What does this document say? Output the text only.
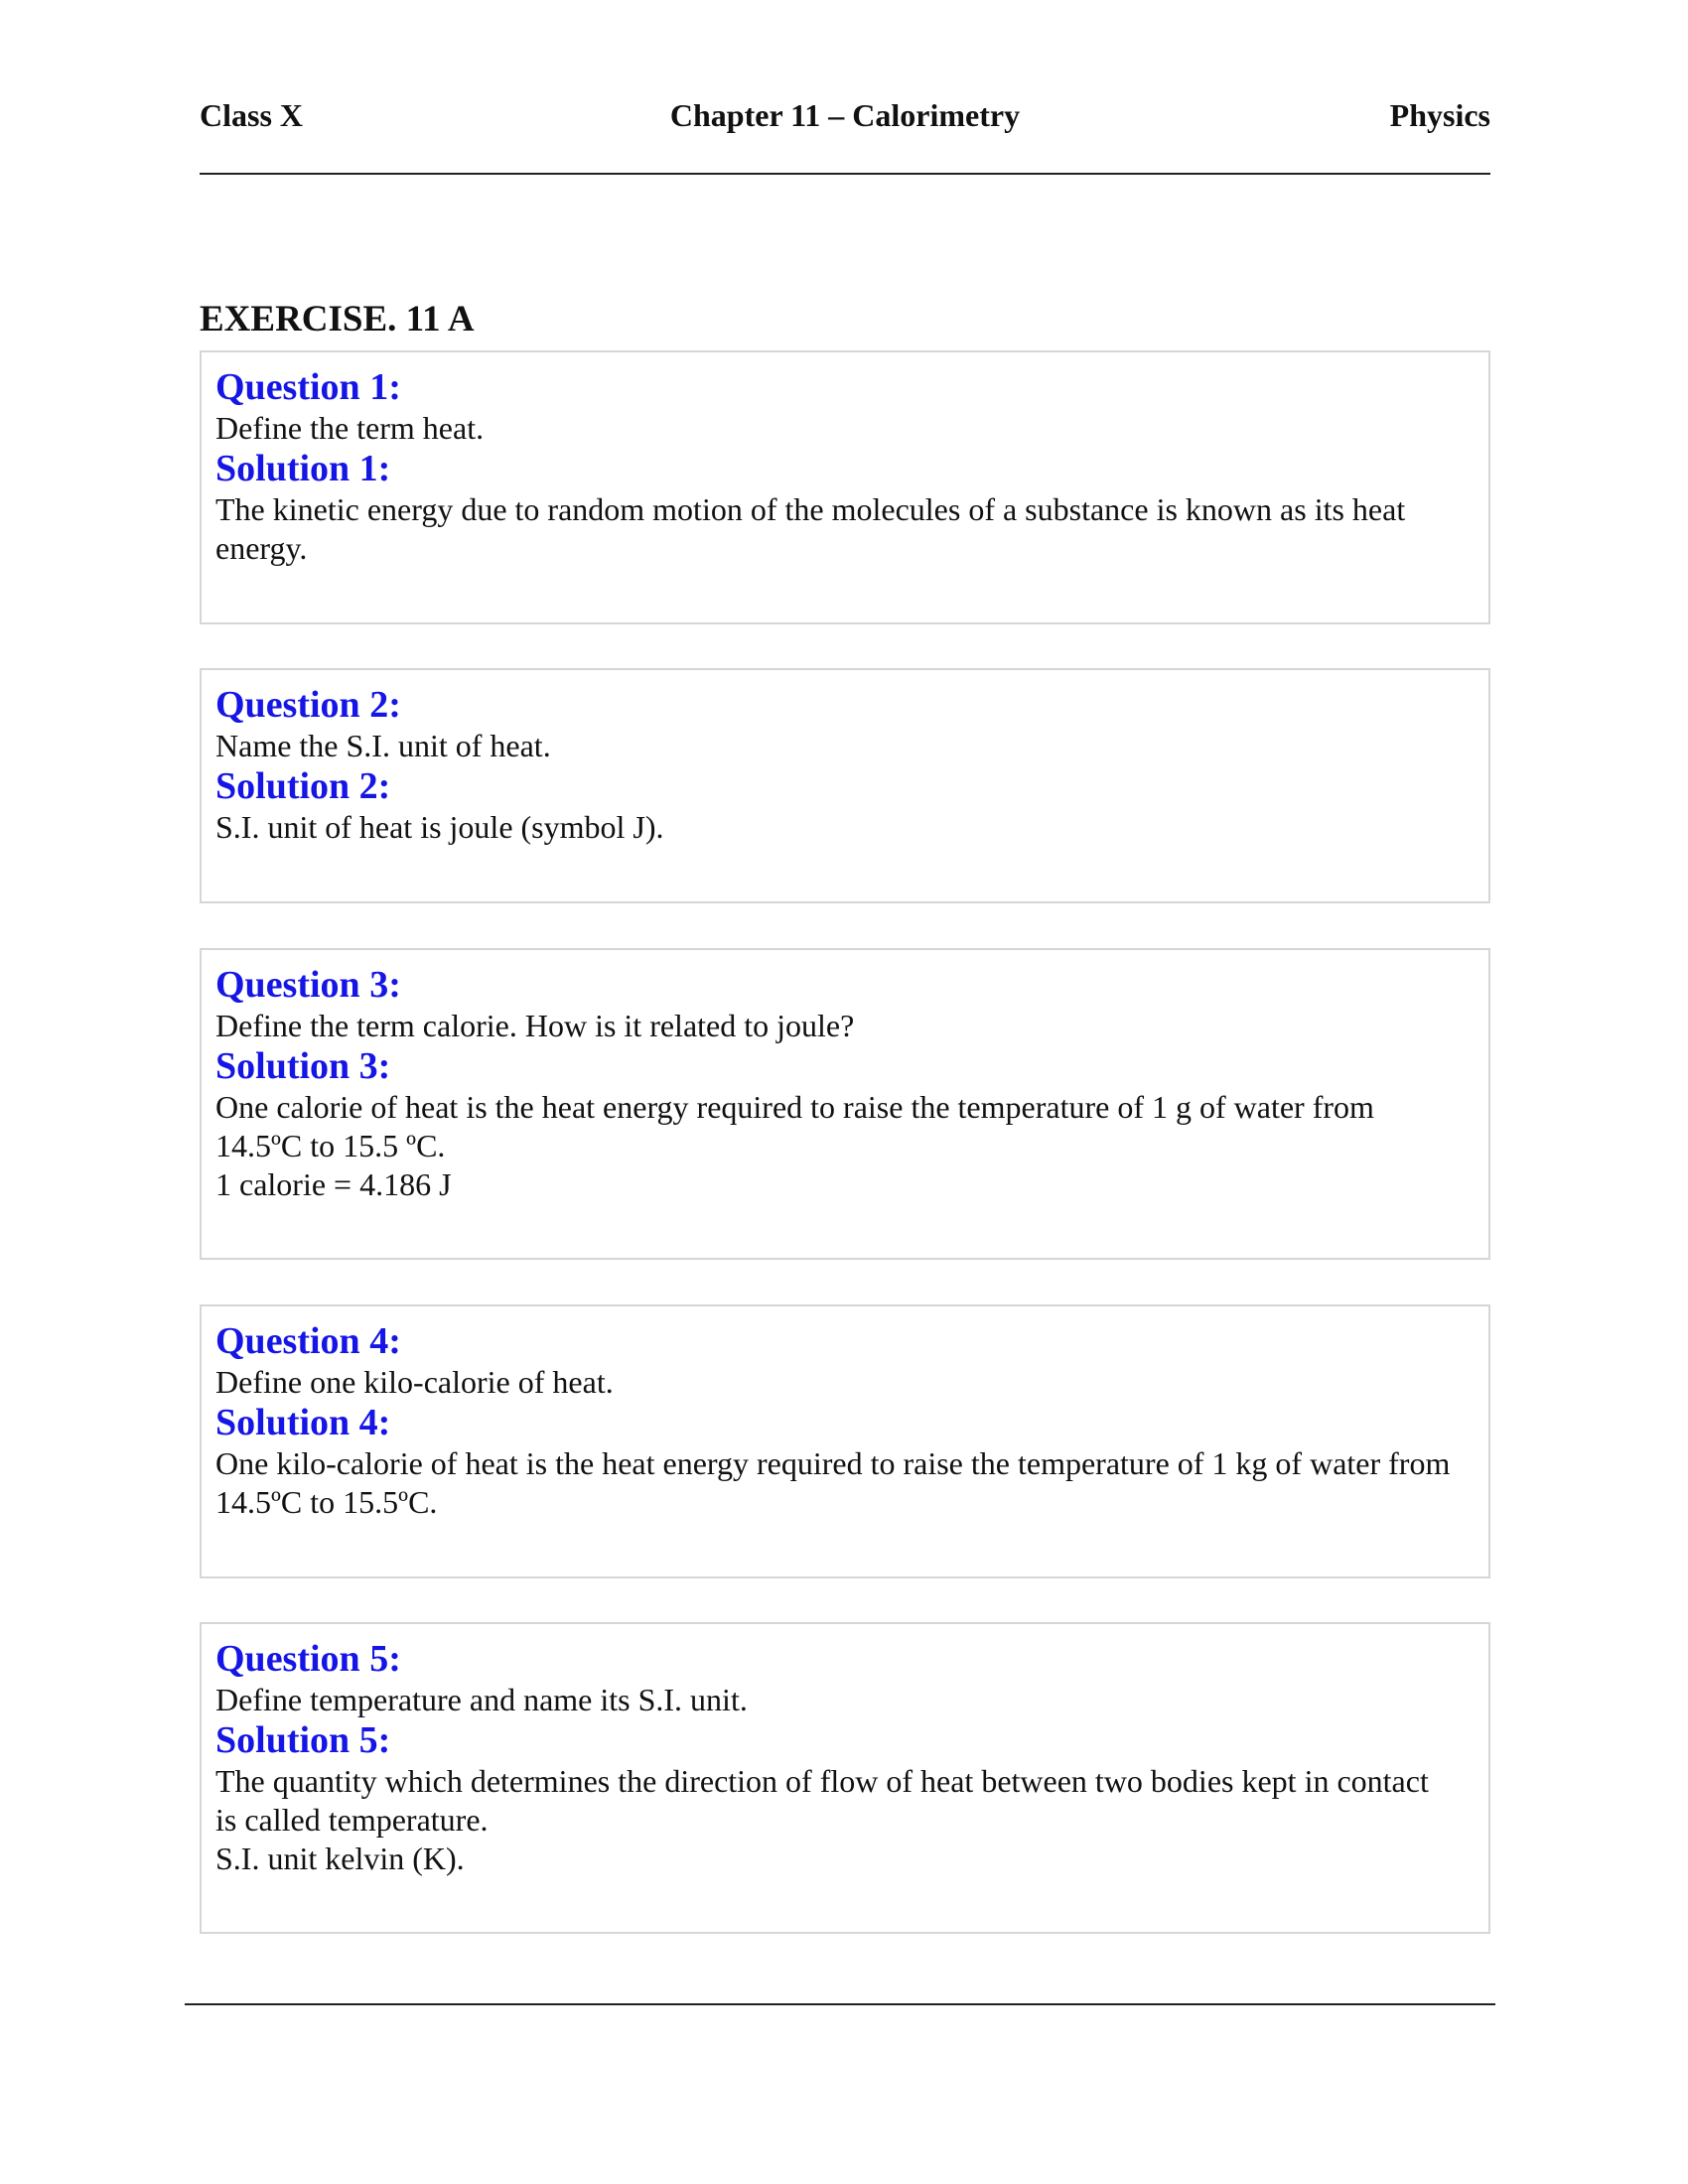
Class X	Chapter 11 – Calorimetry	Physics
EXERCISE. 11 A

Question 1:

Define the term heat.

Solution 1:

The kinetic energy due to random motion of the molecules of a substance is known as its heat

energy.

Question 2:

Name the S.I. unit of heat.

Solution 2:

S.I. unit of heat is joule (symbol J).

Question 3:

Define the term calorie. How is it related to joule?

Solution 3:

One calorie of heat is the heat energy required to raise the temperature of 1 g of water from

14.5ºC to 15.5 ºC.

1 calorie = 4.186 J

Question 4:

Define one kilo-calorie of heat.

Solution 4:

One kilo-calorie of heat is the heat energy required to raise the temperature of 1 kg of water from

14.5ºC to 15.5ºC.

Question 5:

Define temperature and name its S.I. unit.

Solution 5:

The quantity which determines the direction of flow of heat between two bodies kept in contact

is called temperature.

S.I. unit kelvin (K).
